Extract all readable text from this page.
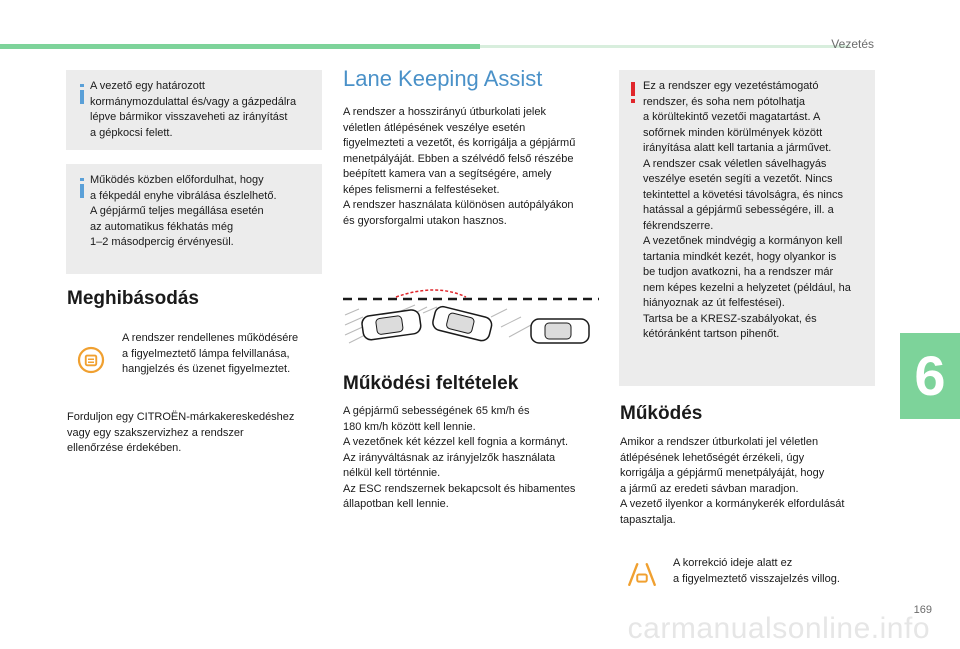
Vezetés
6
carmanualsonline.info
169
A vezető egy határozott
kormánymozdulattal és/vagy a gázpedálra
lépve bármikor visszaveheti az irányítást
a gépkocsi felett.
Működés közben előfordulhat, hogy
a fékpedál enyhe vibrálása észlelhető.
A gépjármű teljes megállása esetén
az automatikus fékhatás még
1–2 másodpercig érvényesül.
Meghibásodás
A rendszer rendellenes működésére
a figyelmeztető lámpa felvillanása,
hangjelzés és üzenet figyelmeztet.
Forduljon egy CITROËN-márkakereskedéshez
vagy egy szakszervizhez a rendszer
ellenőrzése érdekében.
Lane Keeping Assist
A rendszer a hosszirányú útburkolati jelek
véletlen átlépésének veszélye esetén
figyelmezteti a vezetőt, és korrigálja a gépjármű
menetpályáját. Ebben a szélvédő felső részébe
beépített kamera van a segítségére, amely
képes felismerni a felfestéseket.
A rendszer használata különösen autópályákon
és gyorsforgalmi utakon hasznos.
Működési feltételek
A gépjármű sebességének 65 km/h és
180 km/h között kell lennie.
A vezetőnek két kézzel kell fognia a kormányt.
Az irányváltásnak az irányjelzők használata
nélkül kell történnie.
Az ESC rendszernek bekapcsolt és hibamentes
állapotban kell lennie.
Ez a rendszer egy vezetéstámogató
rendszer, és soha nem pótolhatja
a körültekintő vezetői magatartást. A
sofőrnek minden körülmények között
irányítása alatt kell tartania a járművet.
A rendszer csak véletlen sávelhagyás
veszélye esetén segíti a vezetőt. Nincs
tekintettel a követési távolságra, és nincs
hatással a gépjármű sebességére, ill. a
fékrendszerre.
A vezetőnek mindvégig a kormányon kell
tartania mindkét kezét, hogy olyankor is
be tudjon avatkozni, ha a rendszer már
nem képes kezelni a helyzetet (például, ha
hiányoznak az út felfestései).
Tartsa be a KRESZ-szabályokat, és
kétóránként tartson pihenőt.
Működés
Amikor a rendszer útburkolati jel véletlen
átlépésének lehetőségét érzékeli, úgy
korrigálja a gépjármű menetpályáját, hogy
a jármű az eredeti sávban maradjon.
A vezető ilyenkor a kormánykerék elfordulását
tapasztalja.
A korrekció ideje alatt ez
a figyelmeztető visszajelzés villog.
